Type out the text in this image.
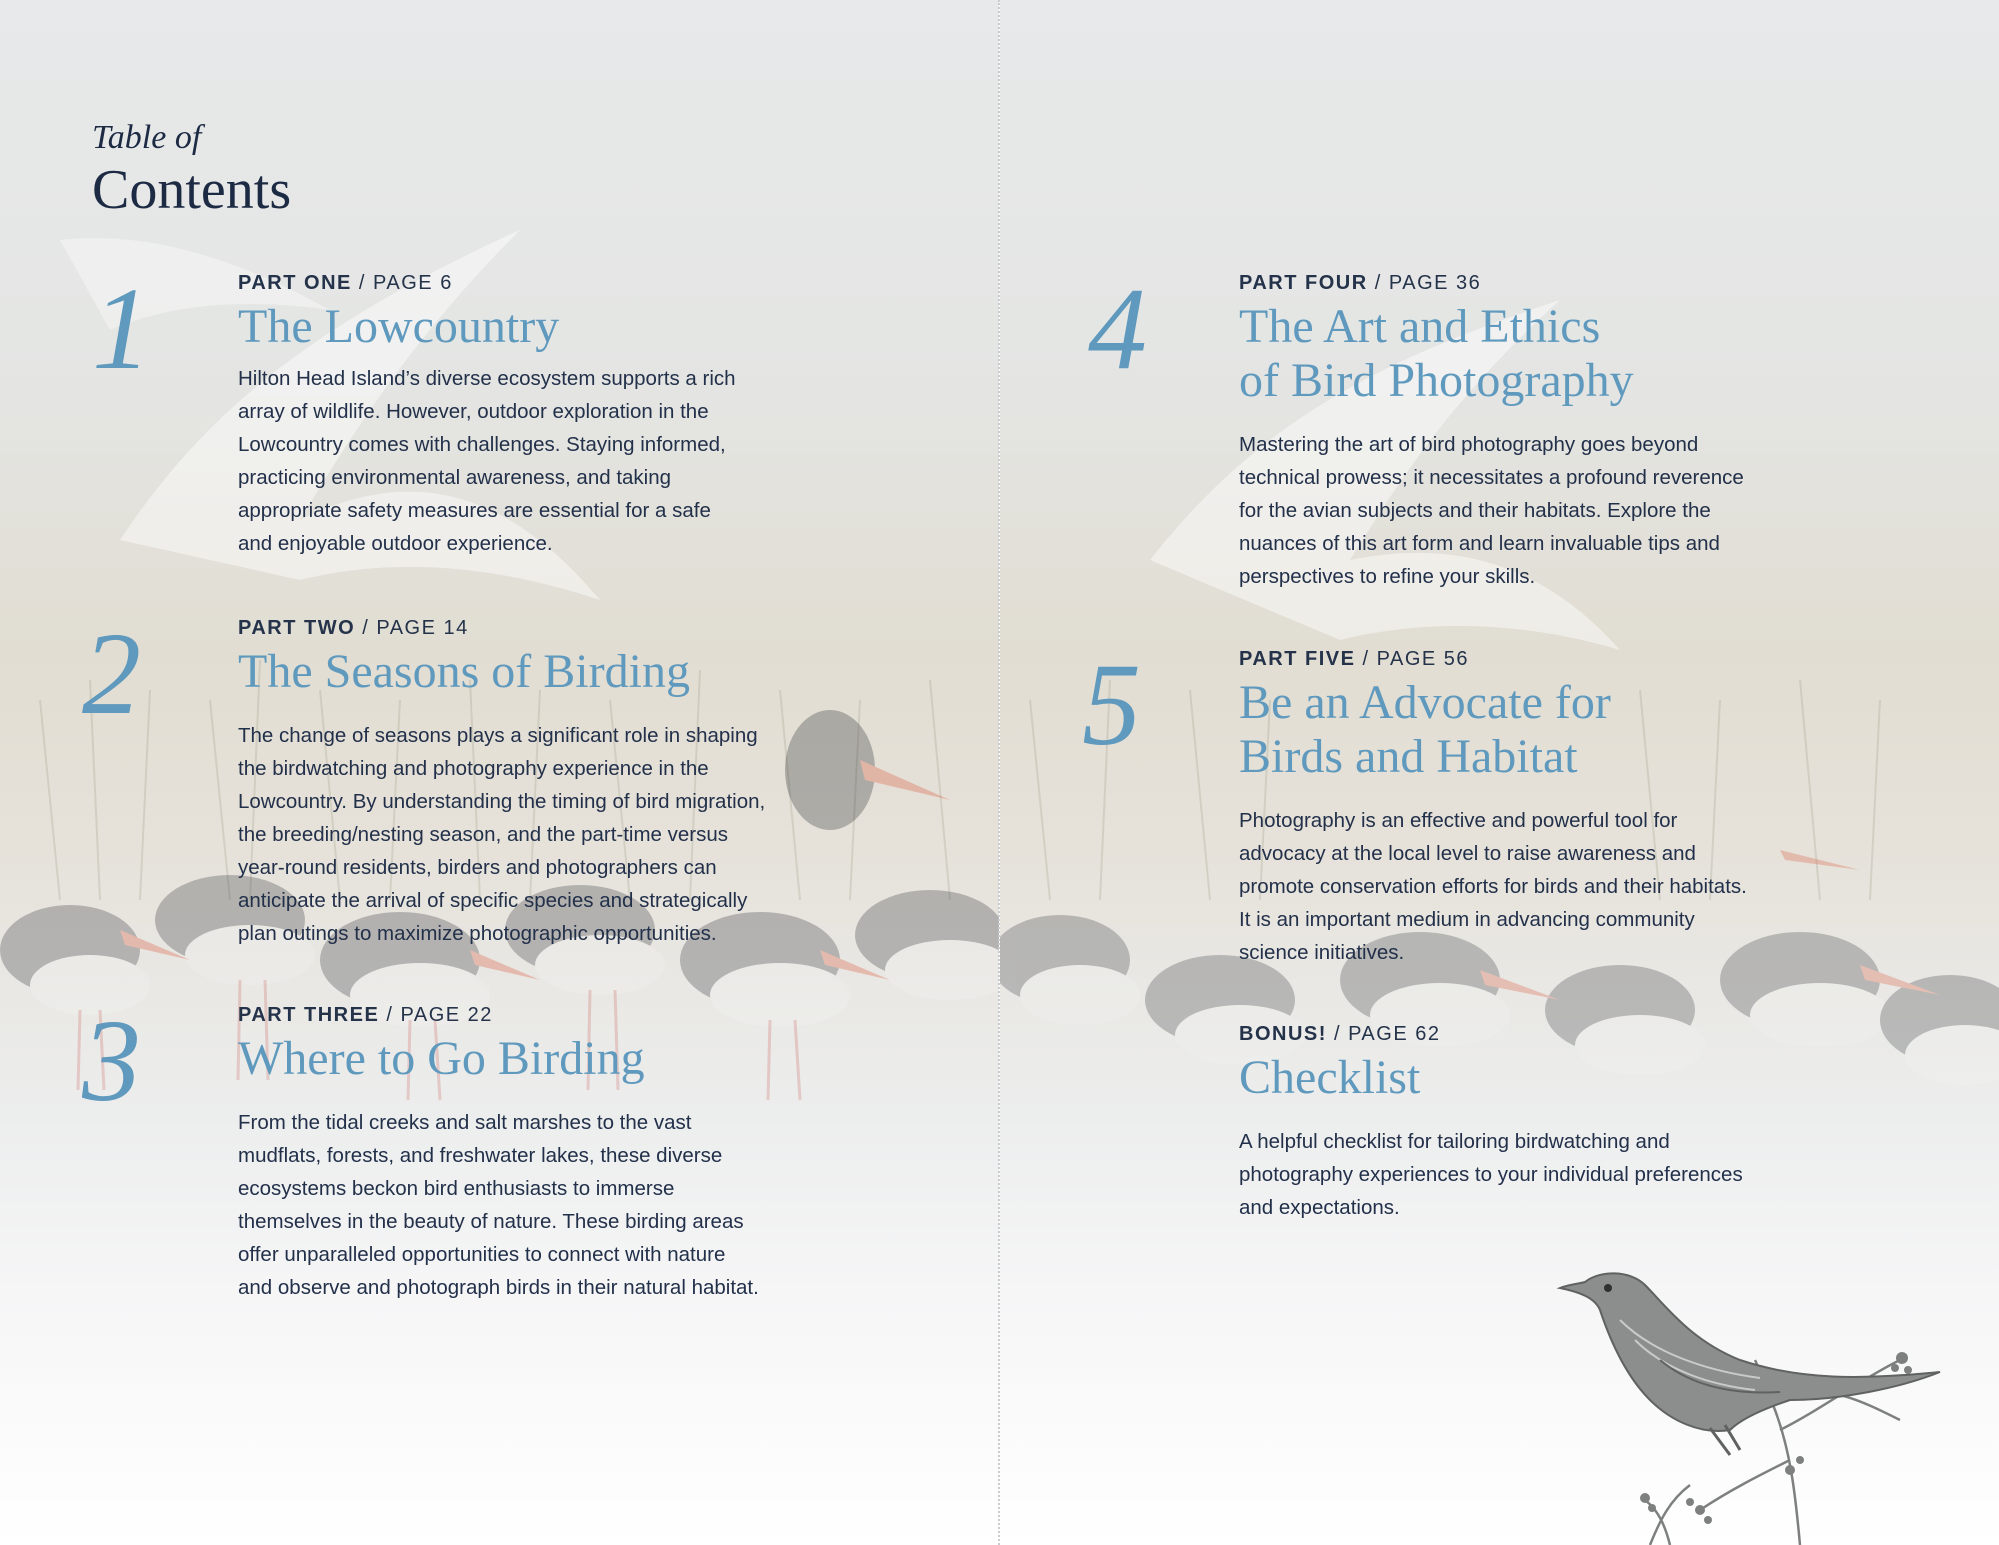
Table of
Contents
1	PART ONE / PAGE 6

The Lowcountry

Hilton Head Island’s diverse ecosystem supports a rich
array of wildlife. However, outdoor exploration in the
Lowcountry comes with challenges. Staying informed,
practicing environmental awareness, and taking
appropriate safety measures are essential for a safe
and enjoyable outdoor experience.

2	PART TWO / PAGE 14

The Seasons of Birding

The change of seasons plays a significant role in shaping
the birdwatching and photography experience in the
Lowcountry. By understanding the timing of bird migration,
the breeding/nesting season, and the part-time versus
year-round residents, birders and photographers can
anticipate the arrival of specific species and strategically
plan outings to maximize photographic opportunities.

3	PART THREE / PAGE 22

Where to Go Birding

From the tidal creeks and salt marshes to the vast
mudflats, forests, and freshwater lakes, these diverse
ecosystems beckon bird enthusiasts to immerse
themselves in the beauty of nature. These birding areas
offer unparalleled opportunities to connect with nature
and observe and photograph birds in their natural habitat.

4	PART FOUR / PAGE 36

The Art and Ethics
of Bird Photography

Mastering the art of bird photography goes beyond
technical prowess; it necessitates a profound reverence
for the avian subjects and their habitats. Explore the
nuances of this art form and learn invaluable tips and
perspectives to refine your skills.

5	PART FIVE / PAGE 56

Be an Advocate for
Birds and Habitat

Photography is an effective and powerful tool for
advocacy at the local level to raise awareness and
promote conservation efforts for birds and their habitats.
It is an important medium in advancing community
science initiatives.

BONUS! / PAGE 62

Checklist

A helpful checklist for tailoring birdwatching and
photography experiences to your individual preferences
and expectations.
